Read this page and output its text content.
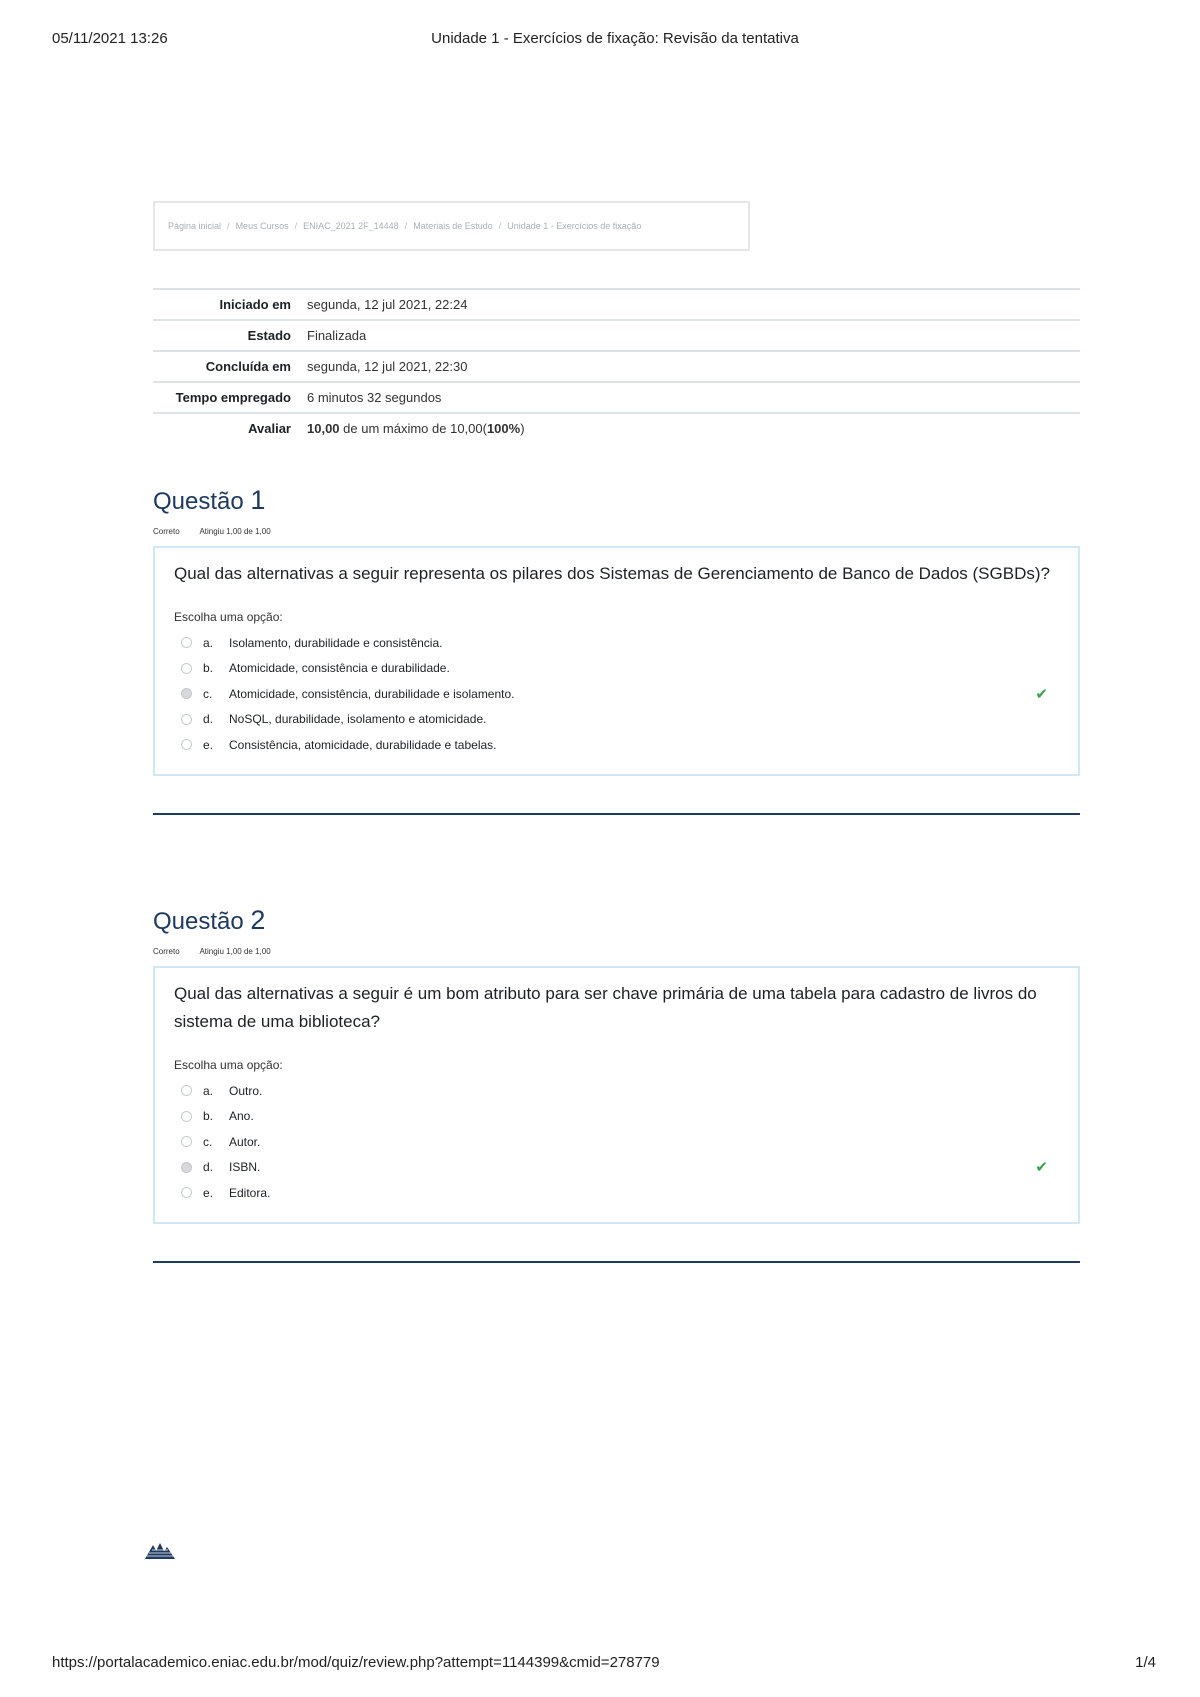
05/11/2021 13:26	Unidade 1 - Exercícios de fixação: Revisão da tentativa
Página inicial / Meus Cursos / ENIAC_2021 2F_14448 / Materiais de Estudo / Unidade 1 - Exercícios de fixação
Iniciado em	segunda, 12 jul 2021, 22:24
Estado	Finalizada
Concluída em	segunda, 12 jul 2021, 22:30
Tempo empregado	6 minutos 32 segundos
Avaliar	10,00 de um máximo de 10,00(100%)
Questão 1
Correto Atingiu 1,00 de 1,00
Qual das alternativas a seguir representa os pilares dos Sistemas de Gerenciamento de Banco de Dados (SGBDs)?
Escolha uma opção:
a.	Isolamento, durabilidade e consistência.
b.	Atomicidade, consistência e durabilidade.
c.	Atomicidade, consistência, durabilidade e isolamento.	✔
d.	NoSQL, durabilidade, isolamento e atomicidade.
e.	Consistência, atomicidade, durabilidade e tabelas.
Questão 2
Correto Atingiu 1,00 de 1,00
Qual das alternativas a seguir é um bom atributo para ser chave primária de uma tabela para cadastro de livros do sistema de uma biblioteca?
Escolha uma opção:
a.	Outro.
b.	Ano.
c.	Autor.
d.	ISBN.	✔
e.	Editora.
https://portalacademico.eniac.edu.br/mod/quiz/review.php?attempt=1144399&cmid=278779	1/4
